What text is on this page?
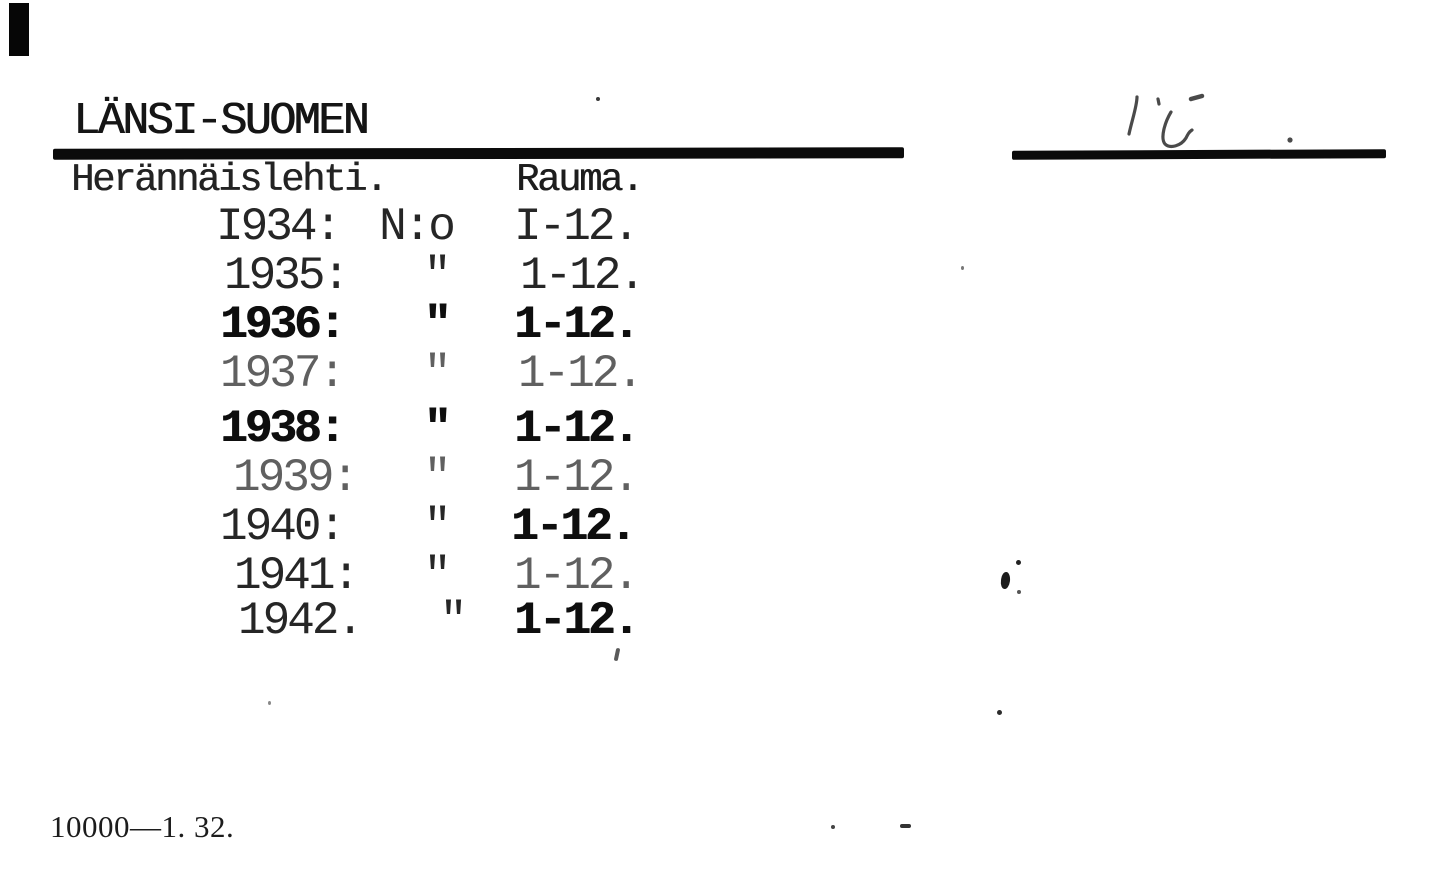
LÄNSI-SUOMEN
Herännäislehti.	Rauma.
I934: N:o	I-12.
1935:	"	1-12.
1936:	"	1-12.
1937:	"	1-12.
1938:	"	1-12.
1939:	"	1-12.
1940:	"	1-12.
1941:	"	1-12.
1942.	"	1-12.
10000—1. 32.
